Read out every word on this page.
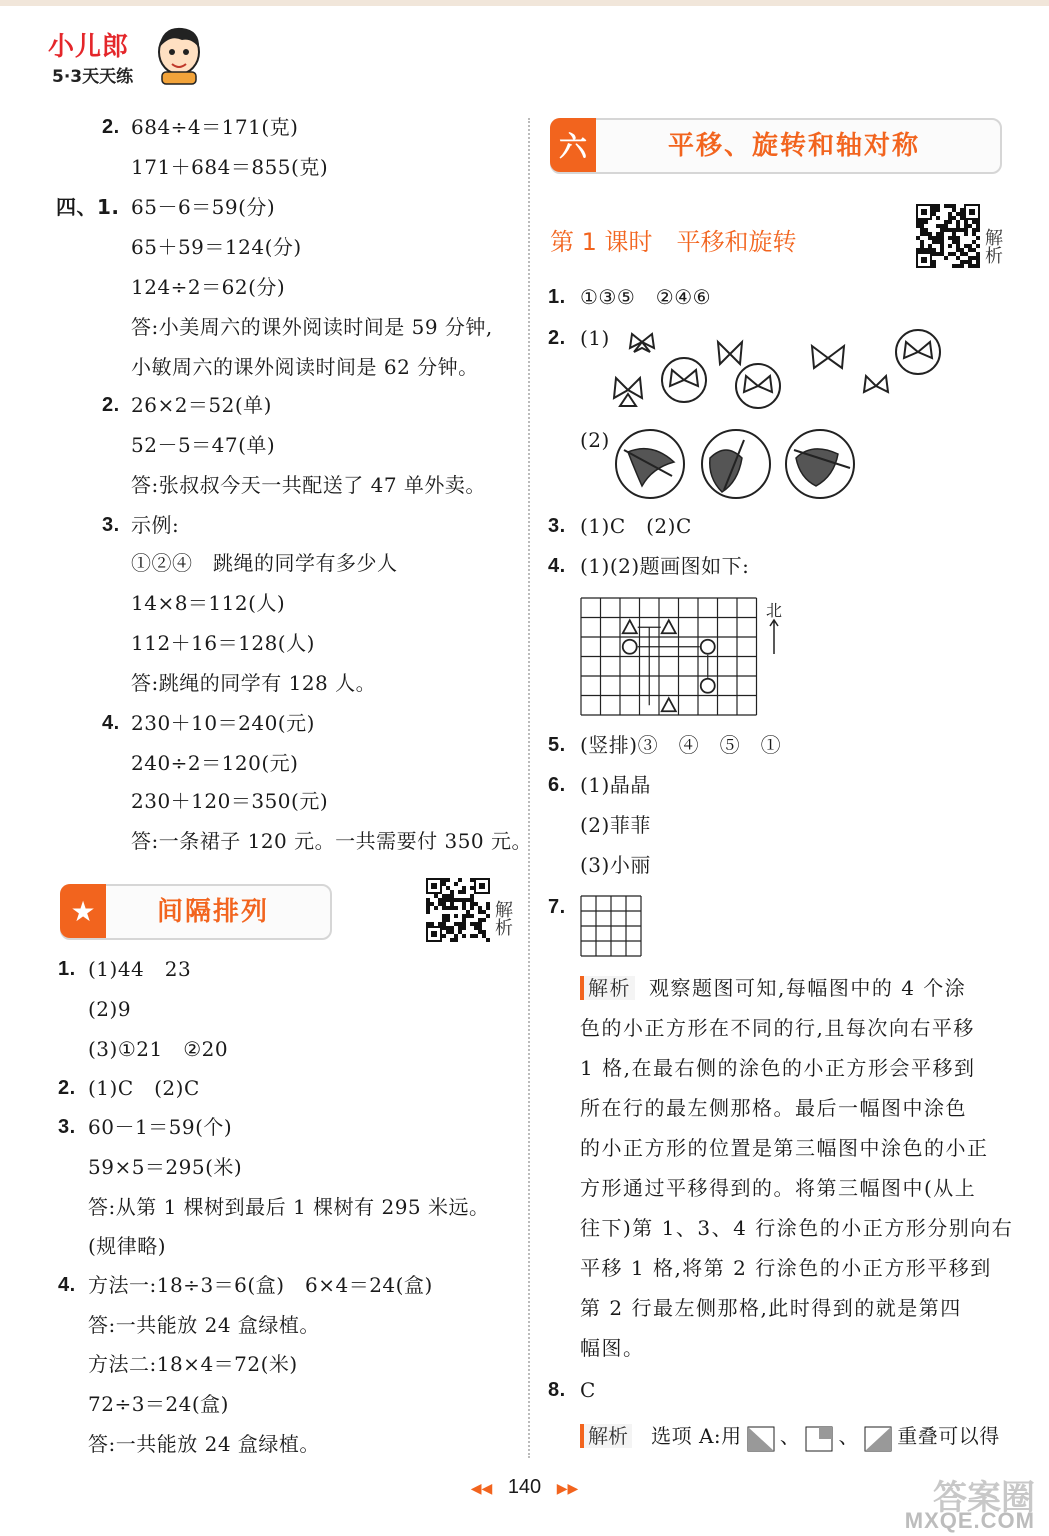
小儿郎
5·3天天练
2. 684÷4＝171(克)
171＋684＝855(克)
四、1. 65－6＝59(分)
65＋59＝124(分)
124÷2＝62(分)
答:小美周六的课外阅读时间是 59 分钟,
小敏周六的课外阅读时间是 62 分钟。
2. 26×2＝52(单)
52－5＝47(单)
答:张叔叔今天一共配送了 47 单外卖。
3. 示例:
①②④　跳绳的同学有多少人
14×8＝112(人)
112＋16＝128(人)
答:跳绳的同学有 128 人。
4. 230＋10＝240(元)
240÷2＝120(元)
230＋120＝350(元)
答:一条裙子 120 元。一共需要付 350 元。
1. (1)44　23
(2)9
(3)①21　②20
2. (1)C　(2)C
3. 60－1＝59(个)
59×5＝295(米)
答:从第 1 棵树到最后 1 棵树有 295 米远。
(规律略)
4. 方法一:18÷3＝6(盒)　6×4＝24(盒)
答:一共能放 24 盒绿植。
方法二:18×4＝72(米)
72÷3＝24(盒)
答:一共能放 24 盒绿植。
★	间隔排列	解析
六	平移、旋转和轴对称
第 1 课时　平移和旋转	解析
1. ①③⑤　②④⑥
2. (1)
(2)
3. (1)C　(2)C
4. (1)(2)题画图如下:
5. (竖排)③　④　⑤　①
6. (1)晶晶
(2)菲菲
(3)小丽
7.
8. C
北
解析 观察题图可知,每幅图中的 4 个涂
色的小正方形在不同的行,且每次向右平移
1 格,在最右侧的涂色的小正方形会平移到
所在行的最左侧那格。最后一幅图中涂色
的小正方形的位置是第三幅图中涂色的小正
方形通过平移得到的。将第三幅图中(从上
往下)第 1、3、4 行涂色的小正方形分别向右
平移 1 格,将第 2 行涂色的小正方形平移到
第 2 行最左侧那格,此时得到的就是第四
幅图。
解析 选项 A:用 、 、 重叠可以得
◀◀ 140 ▶▶	答案圈
MXQE.COM
